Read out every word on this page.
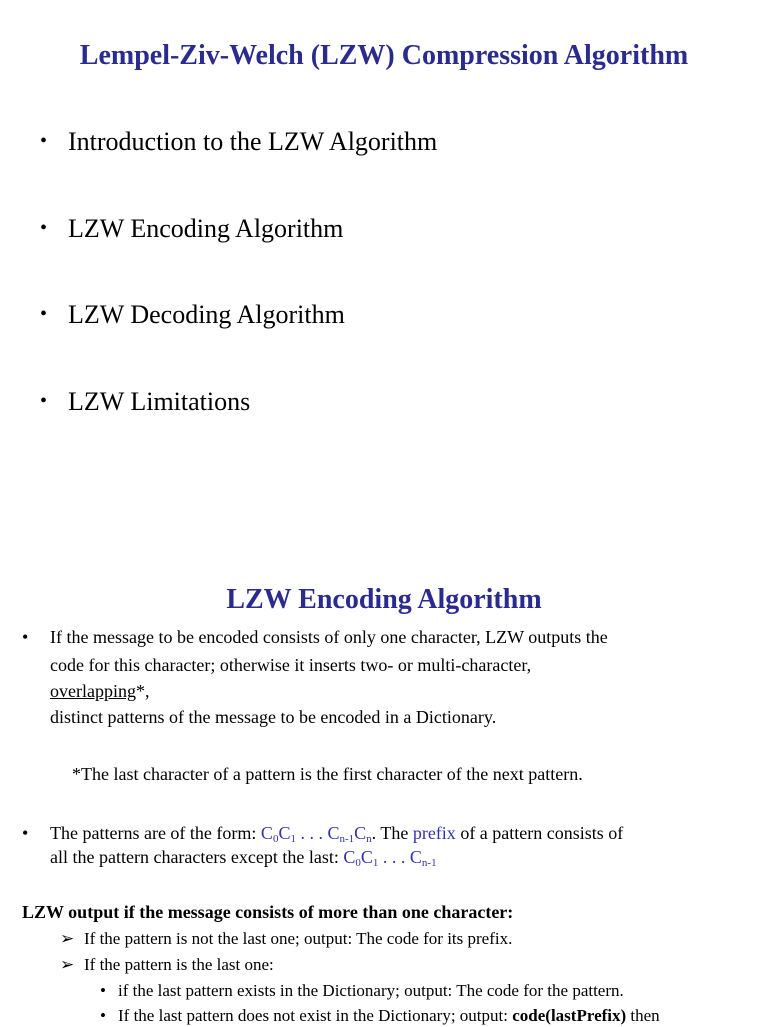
Lempel-Ziv-Welch (LZW) Compression Algorithm
• Introduction to the LZW Algorithm
• LZW Encoding Algorithm
• LZW Decoding Algorithm
• LZW Limitations
LZW Encoding Algorithm
• If the message to be encoded consists of only one character, LZW outputs the
code for this character; otherwise it inserts two- or multi-character,
overlapping*,
distinct patterns of the message to be encoded in a Dictionary.
*The last character of a pattern is the first character of the next pattern.
• The patterns are of the form: $C_0C_1$ . . . $C_{n-1}C_n$. The prefix of a pattern consists of
all the pattern characters except the last: $C_0C_1$ . . . $C_{n-1}$
LZW output if the message consists of more than one character:
➢ If the pattern is not the last one; output: The code for its prefix.
➢ If the pattern is the last one:
• if the last pattern exists in the Dictionary; output: The code for the pattern.
• If the last pattern does not exist in the Dictionary; output: code(lastPrefix) then
